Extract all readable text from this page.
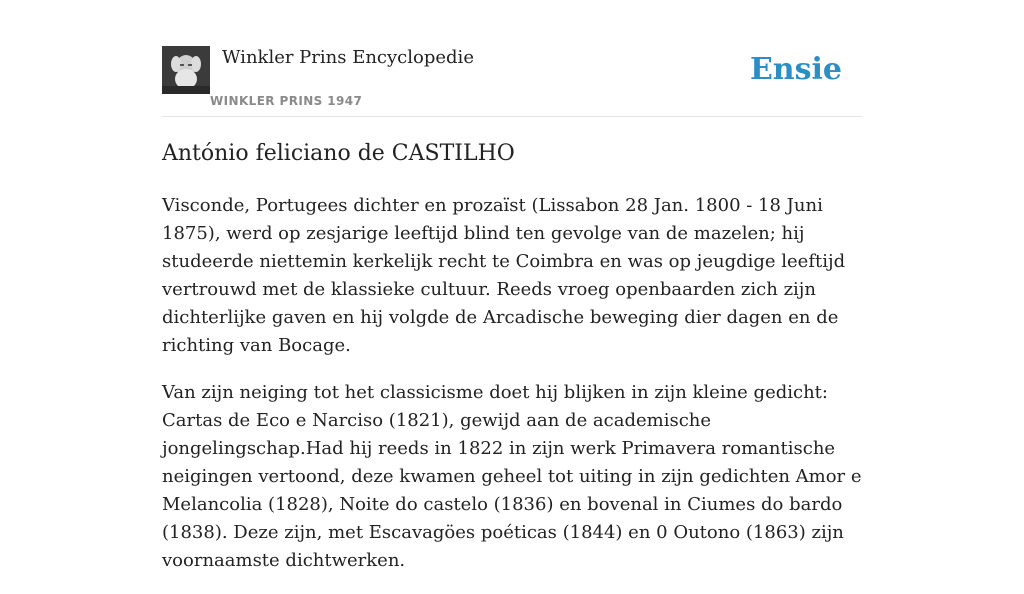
Winkler Prins Encyclopedie
WINKLER PRINS 1947
Ensie
António feliciano de CASTILHO

Visconde, Portugees dichter en prozaïst (Lissabon 28 Jan. 1800 - 18 Juni 1875), werd op zesjarige leeftijd blind ten gevolge van de mazelen; hij studeerde niettemin kerkelijk recht te Coimbra en was op jeugdige leeftijd vertrouwd met de klassieke cultuur. Reeds vroeg openbaarden zich zijn dichterlijke gaven en hij volgde de Arcadische beweging dier dagen en de richting van Bocage.

Van zijn neiging tot het classicisme doet hij blijken in zijn kleine gedicht: Cartas de Eco e Narciso (1821), gewijd aan de academische jongelingschap.Had hij reeds in 1822 in zijn werk Primavera romantische neigingen vertoond, deze kwamen geheel tot uiting in zijn gedichten Amor e Melancolia (1828), Noite do castelo (1836) en bovenal in Ciumes do bardo (1838). Deze zijn, met Escavagöes poéticas (1844) en 0 Outono (1863) zijn voornaamste dichtwerken.
